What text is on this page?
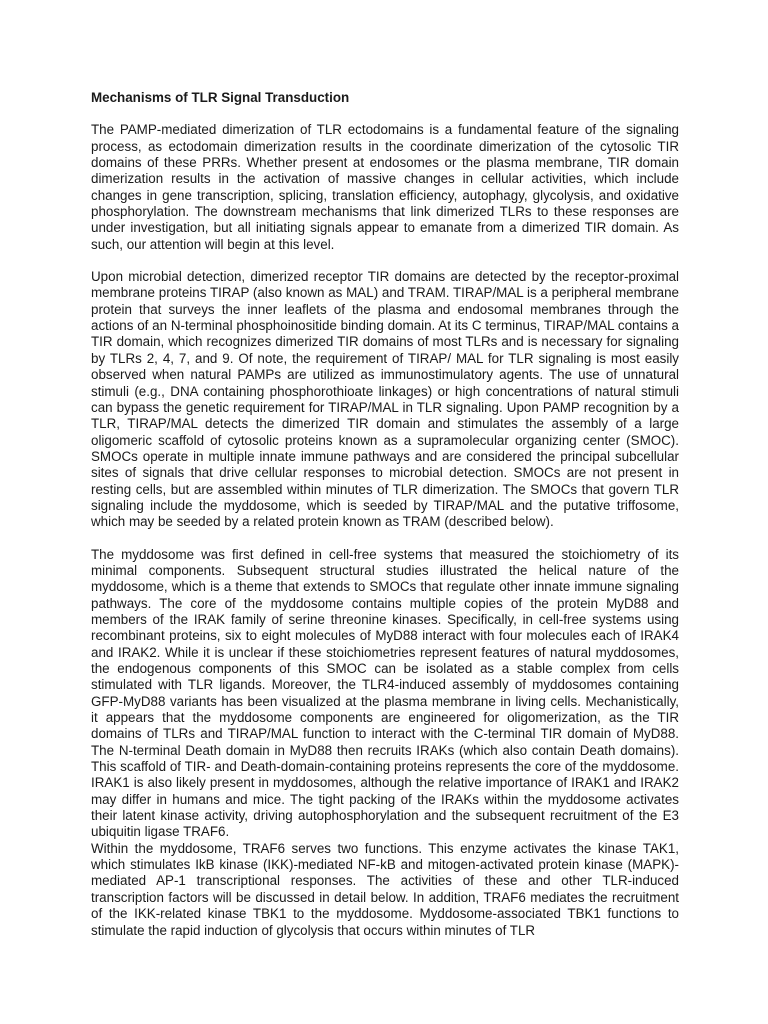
Mechanisms of TLR Signal Transduction

The PAMP-mediated dimerization of TLR ectodomains is a fundamental feature of the signaling process, as ectodomain dimerization results in the coordinate dimerization of the cytosolic TIR domains of these PRRs. Whether present at endosomes or the plasma membrane, TIR domain dimerization results in the activation of massive changes in cellular activities, which include changes in gene transcription, splicing, translation efficiency, autophagy, glycolysis, and oxidative phosphorylation. The downstream mechanisms that link dimerized TLRs to these responses are under investigation, but all initiating signals appear to emanate from a dimerized TIR domain. As such, our attention will begin at this level.

Upon microbial detection, dimerized receptor TIR domains are detected by the receptor-proximal membrane proteins TIRAP (also known as MAL) and TRAM. TIRAP/MAL is a peripheral membrane protein that surveys the inner leaflets of the plasma and endosomal membranes through the actions of an N-terminal phosphoinositide binding domain. At its C terminus, TIRAP/MAL contains a TIR domain, which recognizes dimerized TIR domains of most TLRs and is necessary for signaling by TLRs 2, 4, 7, and 9. Of note, the requirement of TIRAP/ MAL for TLR signaling is most easily observed when natural PAMPs are utilized as immunostimulatory agents. The use of unnatural stimuli (e.g., DNA containing phosphorothioate linkages) or high concentrations of natural stimuli can bypass the genetic requirement for TIRAP/MAL in TLR signaling. Upon PAMP recognition by a TLR, TIRAP/MAL detects the dimerized TIR domain and stimulates the assembly of a large oligomeric scaffold of cytosolic proteins known as a supramolecular organizing center (SMOC). SMOCs operate in multiple innate immune pathways and are considered the principal subcellular sites of signals that drive cellular responses to microbial detection. SMOCs are not present in resting cells, but are assembled within minutes of TLR dimerization. The SMOCs that govern TLR signaling include the myddosome, which is seeded by TIRAP/MAL and the putative triffosome, which may be seeded by a related protein known as TRAM (described below).

The myddosome was first defined in cell-free systems that measured the stoichiometry of its minimal components. Subsequent structural studies illustrated the helical nature of the myddosome, which is a theme that extends to SMOCs that regulate other innate immune signaling pathways. The core of the myddosome contains multiple copies of the protein MyD88 and members of the IRAK family of serine threonine kinases. Specifically, in cell-free systems using recombinant proteins, six to eight molecules of MyD88 interact with four molecules each of IRAK4 and IRAK2. While it is unclear if these stoichiometries represent features of natural myddosomes, the endogenous components of this SMOC can be isolated as a stable complex from cells stimulated with TLR ligands. Moreover, the TLR4-induced assembly of myddosomes containing GFP-MyD88 variants has been visualized at the plasma membrane in living cells. Mechanistically, it appears that the myddosome components are engineered for oligomerization, as the TIR domains of TLRs and TIRAP/MAL function to interact with the C-terminal TIR domain of MyD88. The N-terminal Death domain in MyD88 then recruits IRAKs (which also contain Death domains). This scaffold of TIR- and Death-domain-containing proteins represents the core of the myddosome. IRAK1 is also likely present in myddosomes, although the relative importance of IRAK1 and IRAK2 may differ in humans and mice. The tight packing of the IRAKs within the myddosome activates their latent kinase activity, driving autophosphorylation and the subsequent recruitment of the E3 ubiquitin ligase TRAF6.

Within the myddosome, TRAF6 serves two functions. This enzyme activates the kinase TAK1, which stimulates IkB kinase (IKK)-mediated NF-kB and mitogen-activated protein kinase (MAPK)-mediated AP-1 transcriptional responses. The activities of these and other TLR-induced transcription factors will be discussed in detail below. In addition, TRAF6 mediates the recruitment of the IKK-related kinase TBK1 to the myddosome. Myddosome-associated TBK1 functions to stimulate the rapid induction of glycolysis that occurs within minutes of TLR
